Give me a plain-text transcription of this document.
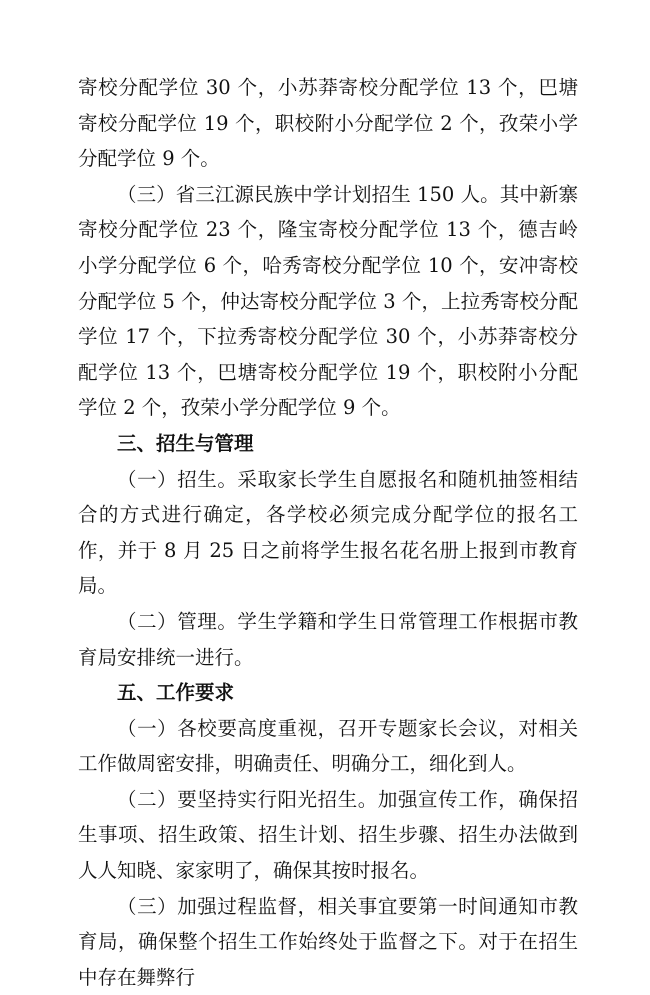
寄校分配学位 30 个，小苏莽寄校分配学位 13 个，巴塘寄校分配学位 19 个，职校附小分配学位 2 个，孜荣小学分配学位 9 个。

（三）省三江源民族中学计划招生 150 人。其中新寨寄校分配学位 23 个，隆宝寄校分配学位 13 个，德吉岭小学分配学位 6 个，哈秀寄校分配学位 10 个，安冲寄校分配学位 5 个，仲达寄校分配学位 3 个，上拉秀寄校分配学位 17 个，下拉秀寄校分配学位 30 个，小苏莽寄校分配学位 13 个，巴塘寄校分配学位 19 个，职校附小分配学位 2 个，孜荣小学分配学位 9 个。

三、招生与管理

（一）招生。采取家长学生自愿报名和随机抽签相结合的方式进行确定，各学校必须完成分配学位的报名工作，并于 8 月 25 日之前将学生报名花名册上报到市教育局。

（二）管理。学生学籍和学生日常管理工作根据市教育局安排统一进行。

五、工作要求

（一）各校要高度重视，召开专题家长会议，对相关工作做周密安排，明确责任、明确分工，细化到人。

（二）要坚持实行阳光招生。加强宣传工作，确保招生事项、招生政策、招生计划、招生步骤、招生办法做到人人知晓、家家明了，确保其按时报名。

（三）加强过程监督，相关事宜要第一时间通知市教育局，确保整个招生工作始终处于监督之下。对于在招生中存在舞弊行
